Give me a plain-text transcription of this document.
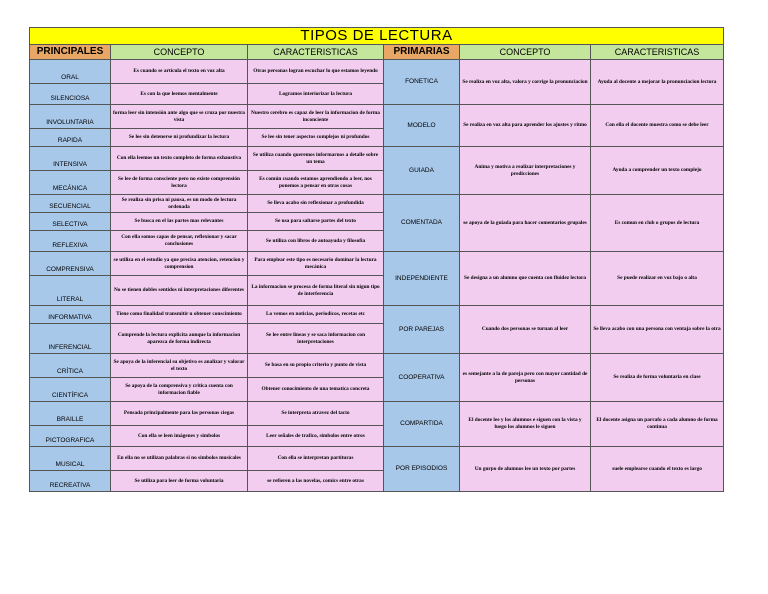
TIPOS DE LECTURA					
PRINCIPALES	CONCEPTO	CARACTERISTICAS	PRIMARIAS	CONCEPTO	CARACTERISTICAS
ORAL	Es cuando se articula el texto en voz alta	Otras personas logran escuchar lo que estamos leyendo	FONETICA	Se realiza en voz alta, valora y corrige la pronunciacion	Ayuda al docente a mejorar la pronunciacion lectora
SILENCIOSA	Es con la que leemos mentalmente	Logramos interiorizar la lectura			
INVOLUNTARIA	forma leer sin intensión ante algo que se cruza por nuestra vista	Nuestro cerebro es capaz de leer la informacion de forma inconciente	MODELO	Se realiza en voz alta para aprender los ajustes y ritmo	Con ella el docente muestra como se debe leer
RAPIDA	Se lee sin detenerse ni profundizar la lectura	Se lee sin tener aspectos complejos ni profundos			
INTENSIVA	Con ella leemos un texto completo de forma exhaustiva	Se utiliza cuando queremos informarnos a detalle sobre un tema	GUIADA	Anima y motiva a realizar interpretaciones y predicciones	Ayuda a comprender un texto complejo
MECÁNICA	Se lee de forma consciente pero no existe comprensión lectora	Es común cuando estamos aprendiendo a leer, nos ponemos a pensar en otras cosas			
SECUENCIAL	Se realiza sin prisa ni pausa, es un modo de lectura ordenada	Se lleva acabo sin reflexionar a profundida	COMENTADA	se apoya de la guiada para hacer comentarios grupales	Es comun en club o grupos de lectura
SELECTIVA	Se busca en el las partes mas relevantes	Se usa para saltarse partes del texto			
REFLEXIVA	Con ella somos capas de pensar, reflexionar y sacar conclusiones	Se utiliza con libros de autoayuda y filosofia			
COMPRENSIVA	se utiliza en el estudio ya que precisa atencion, retencion y comprension	Para emplear este tipo es necesario dominar la lectura mecánica	INDEPENDIENTE	Se designa a un alumno que cuenta con fluidez lectora	Se puede realizar en voz bajo o alta
LITERAL	No se tienen dobles sentidos ni interpretaciones diferentes	La informacion se procesa de forma literal sin nigun tipo de interferencia			
INFORMATIVA	Tiene como finalidad transmitir u obtener conscimiento	Lo vemos en noticias, periodicos, recetas etc	POR PAREJAS	Cuando dos personas se turnan al leer	Se lleva acabo con una persona con ventaja sobre la otra
INFERENCIAL	Comprende la lectura explicita aunque la informacion aparezca de forma indirecta	Se lee entre lineas y se saca informacion con interpretaciones			
CRÍTICA	Se apoya de la inferencial su objetivo es analizar y valorar el texto	Se basa en su propio criterio y punto de vista	COOPERATIVA	es semejante a la de pareja pero con mayor cantidad de personas	Se realiza de forma voluntaria en clase
CIENTÍFICA	Se apoya de la comprensiva y critica cuenta con informacion fiable	Obtener conocimiento de una tematica concreta			
BRAILLE	Pensada principalmente para las personas ciegas	Se interpreta atravez del tacto	COMPARTIDA	El docente lee y los alumnos e siguen con la vista y luego los alumnos le siguen	El docente asigna un parrafo a cada alumno de forma continua
PICTOGRAFICA	Con ella se leen imágenes y simbolos	Leer señales de trafico, simbolos entre otros			
MUSICAL	En ella no se utilizan palabras si no simbolos musicales	Con ella se interpretan partituras	POR EPISODIOS	Un gurpo de alumnos lee un texto por partes	suele emplearse cuando el texto es largo
RECREATIVA	Se utiliza para leer de forma voluntaria	se refieren a las novelas, comics entre otras			
